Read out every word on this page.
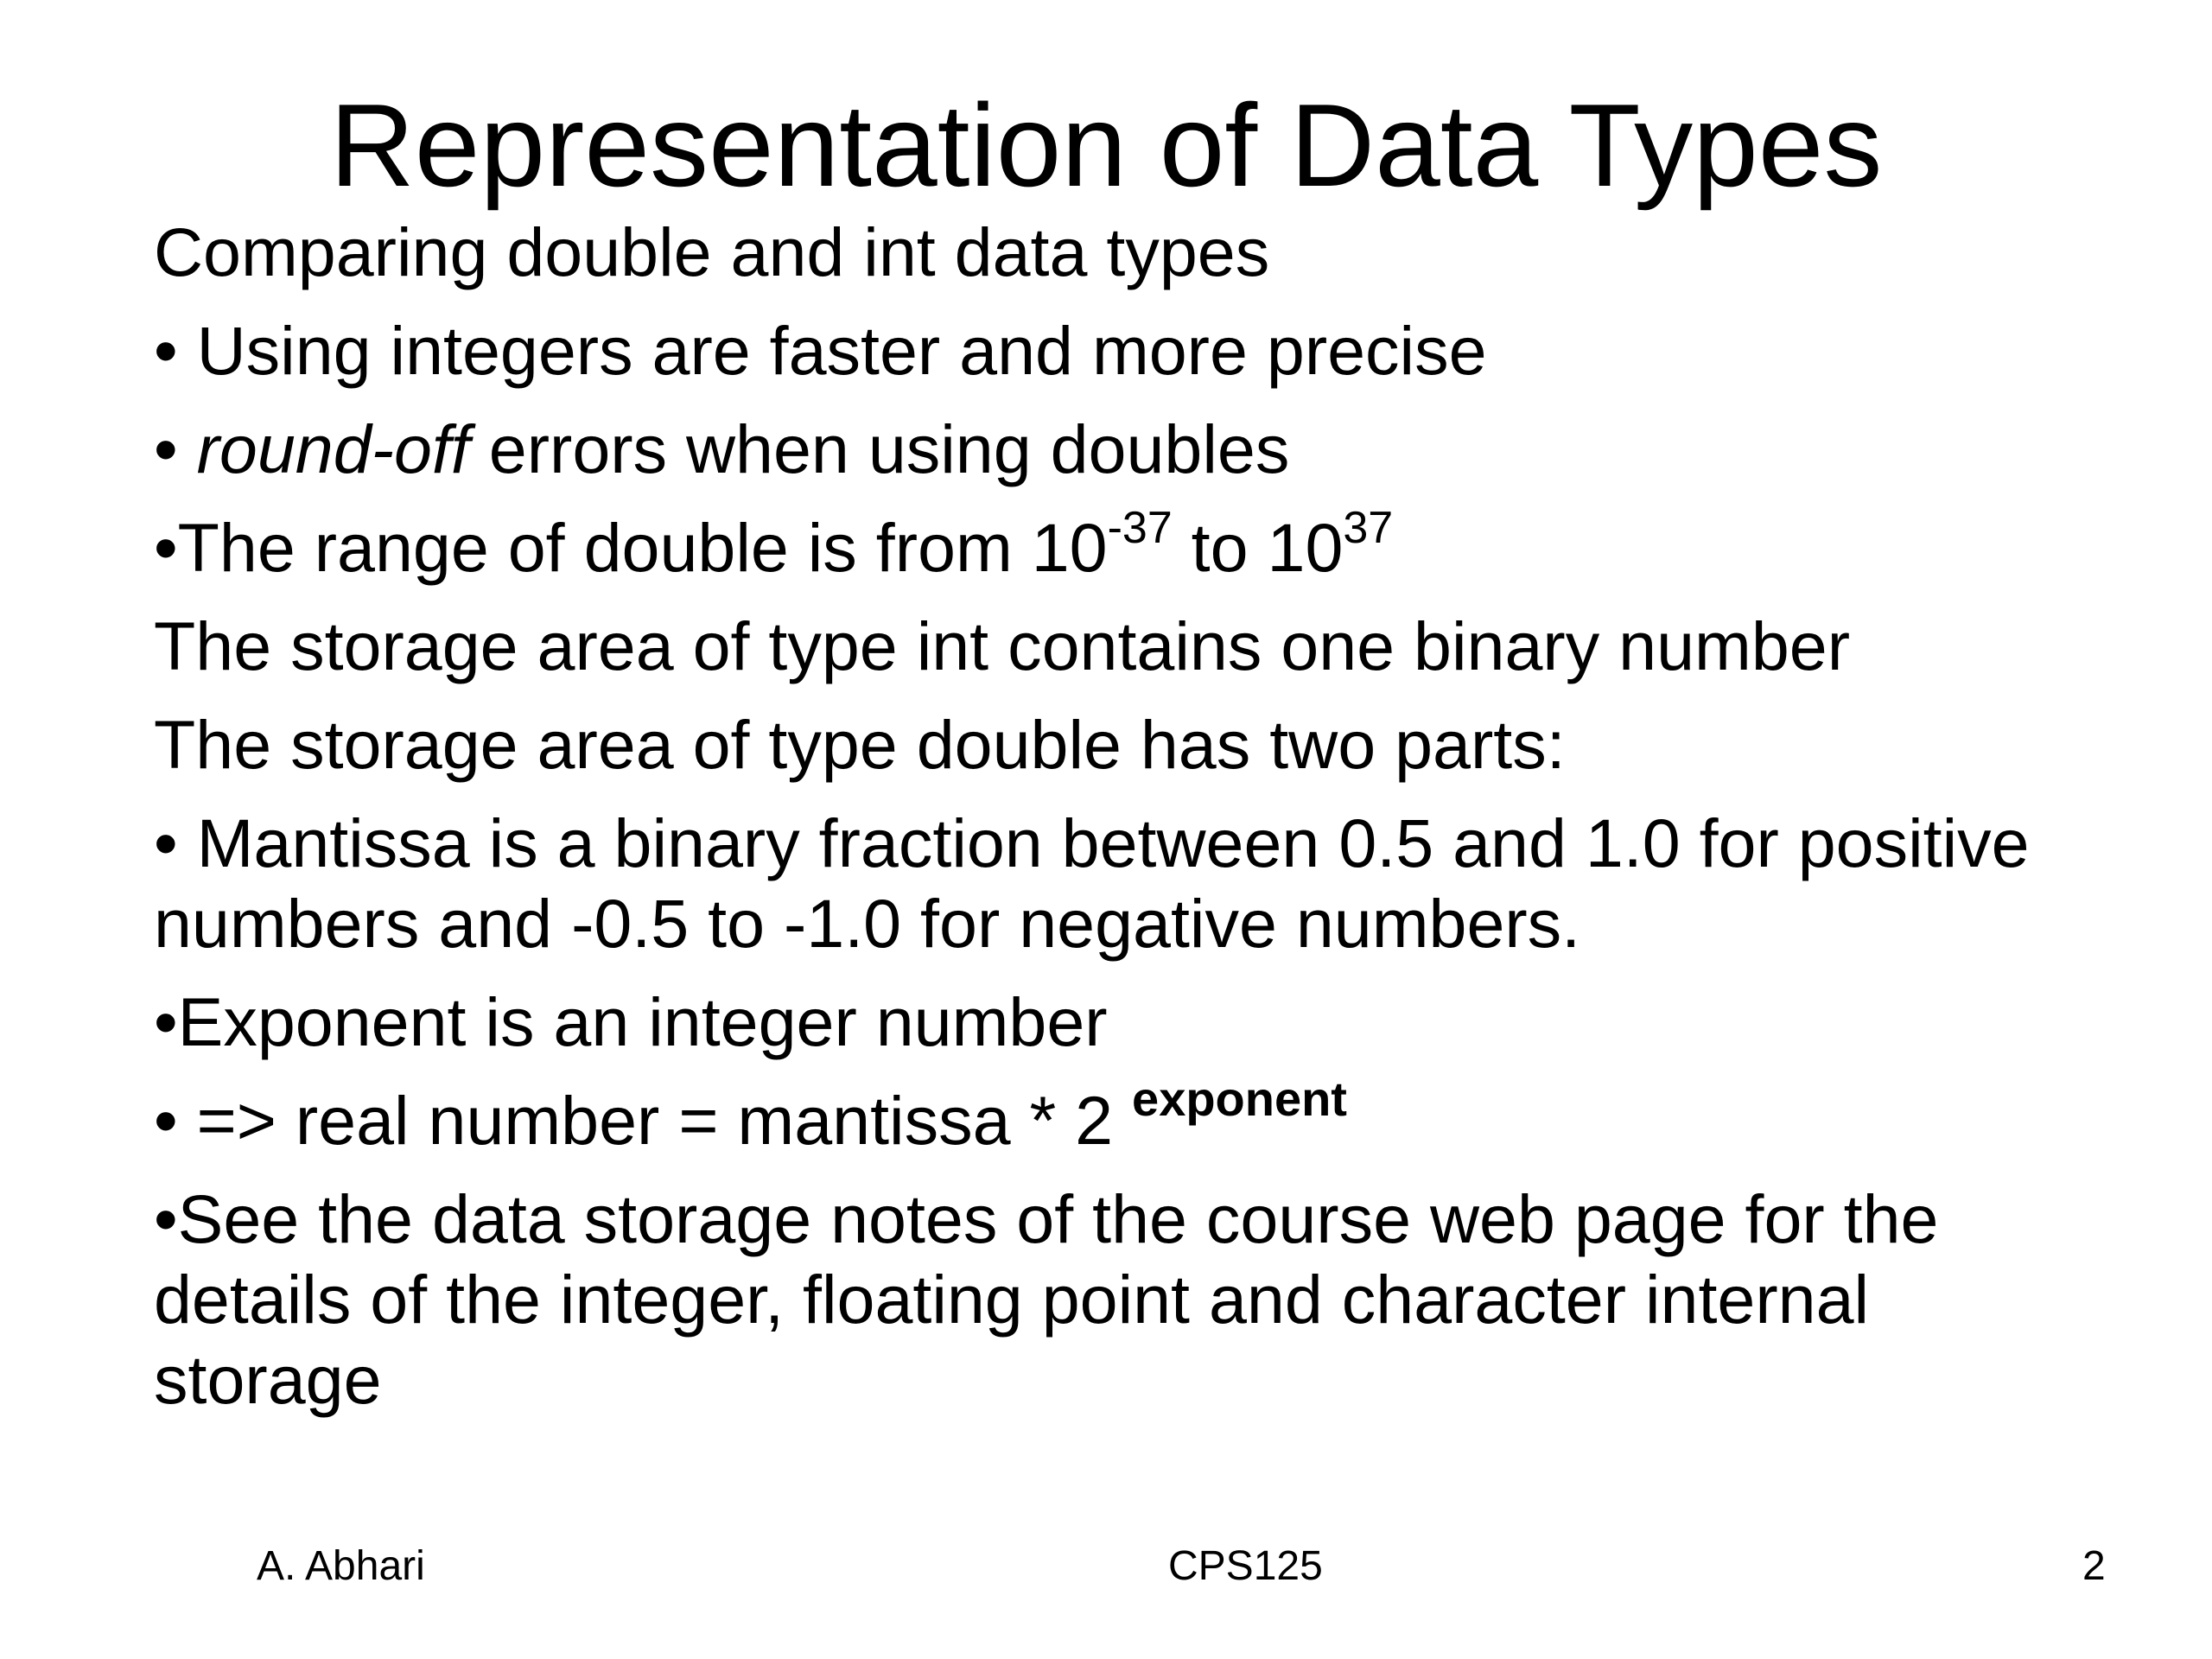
Representation of Data Types

Comparing double and int data types

• Using integers are faster and more precise

• round-off errors when using doubles

•The range of double is from $10^{-37}$ to $10^{37}$

The storage area of type int contains one binary number

The storage area of type double has two parts:

• Mantissa is a binary fraction between 0.5 and 1.0 for positive numbers and -0.5 to -1.0 for negative numbers.

•Exponent is an integer number

• => real number = mantissa * 2 $^{exponent}$

•See the data storage notes of the course web page for the details of the integer, floating point and character internal storage

A. Abhari	CPS125	2
